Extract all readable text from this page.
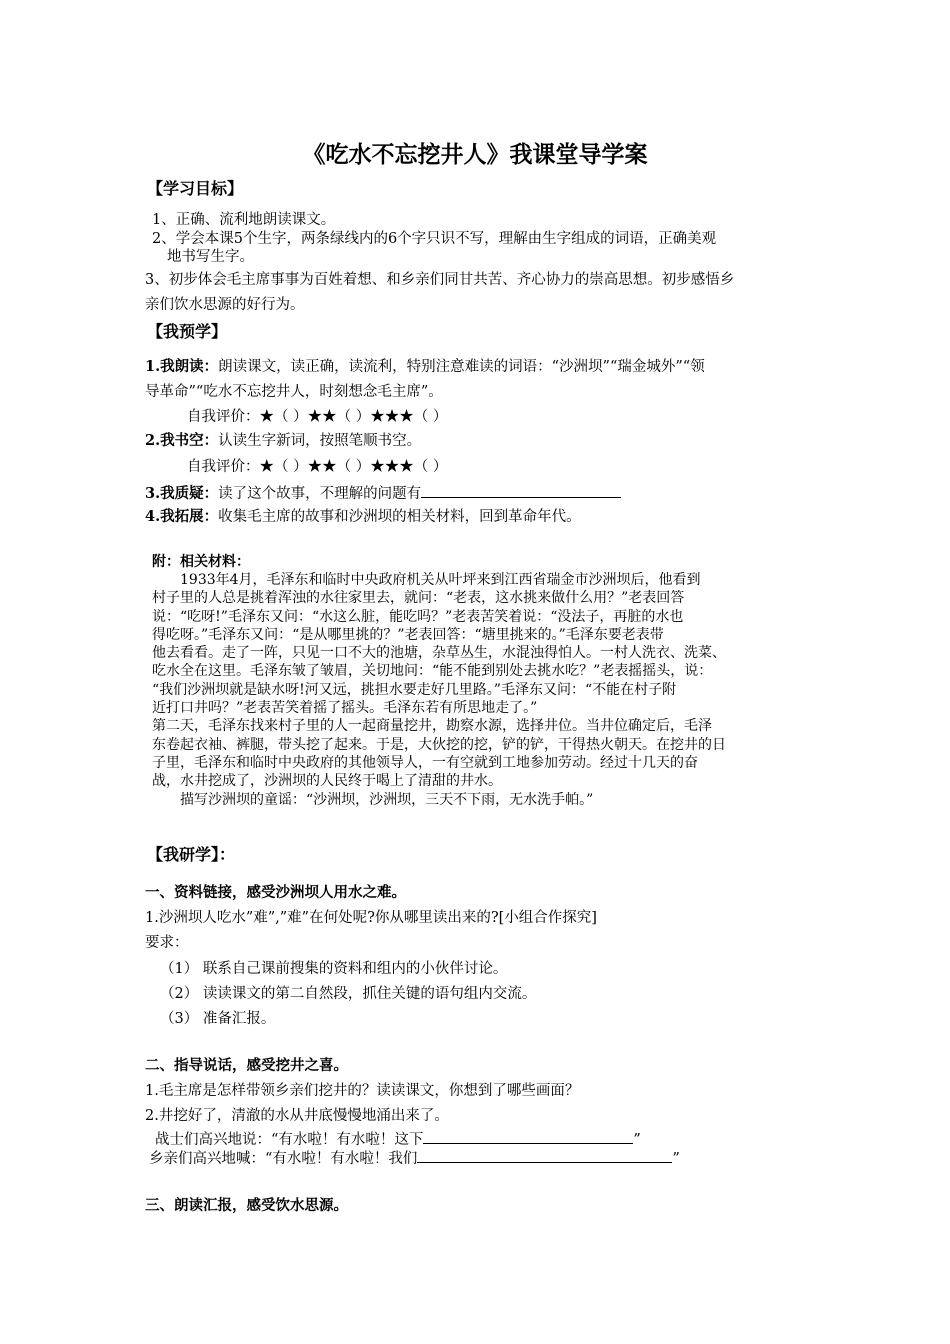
《吃水不忘挖井人》我课堂导学案
【学习目标】
1、正确、流利地朗读课文。
2、学会本课5个生字，两条绿线内的6个字只识不写，理解由生字组成的词语，正确美观
地书写生字。
3、初步体会毛主席事事为百姓着想、和乡亲们同甘共苦、齐心协力的崇高思想。初步感悟乡
亲们饮水思源的好行为。
【我预学】
1.我朗读：朗读课文，读正确，读流利，特别注意难读的词语：“沙洲坝”“瑞金城外”“领
导革命”“吃水不忘挖井人，时刻想念毛主席”。
自我评价：★（ ）★★（ ）★★★（ ）
2.我书空：认读生字新词，按照笔顺书空。
自我评价：★（ ）★★（ ）★★★（ ）
3.我质疑：读了这个故事，不理解的问题有
4.我拓展：收集毛主席的故事和沙洲坝的相关材料，回到革命年代。
附：相关材料：

　　1933年4月，毛泽东和临时中央政府机关从叶坪来到江西省瑞金市沙洲坝后，他看到

村子里的人总是挑着浑浊的水往家里去，就问：“老表，这水挑来做什么用？”老表回答

说：“吃呀!”毛泽东又问：“水这么脏，能吃吗？”老表苦笑着说：“没法子，再脏的水也

得吃呀。”毛泽东又问：“是从哪里挑的？”老表回答：“塘里挑来的。”毛泽东要老表带

他去看看。走了一阵，只见一口不大的池塘，杂草丛生，水混浊得怕人。一村人洗衣、洗菜、

吃水全在这里。毛泽东皱了皱眉，关切地问：“能不能到别处去挑水吃？”老表摇摇头，说：

“我们沙洲坝就是缺水呀!河又远，挑担水要走好几里路。”毛泽东又问：“不能在村子附

近打口井吗？”老表苦笑着摇了摇头。毛泽东若有所思地走了。”

第二天，毛泽东找来村子里的人一起商量挖井，勘察水源，选择井位。当井位确定后，毛泽

东卷起衣袖、裤腿，带头挖了起来。于是，大伙挖的挖，铲的铲，干得热火朝天。在挖井的日

子里，毛泽东和临时中央政府的其他领导人，一有空就到工地参加劳动。经过十几天的奋

战，水井挖成了，沙洲坝的人民终于喝上了清甜的井水。

　　描写沙洲坝的童谣：“沙洲坝，沙洲坝，三天不下雨，无水洗手帕。”

【我研学】：
一、资料链接，感受沙洲坝人用水之难。
1.沙洲坝人吃水”难”,”难”在何处呢?你从哪里读出来的?[小组合作探究]
要求：
（1） 联系自己课前搜集的资料和组内的小伙伴讨论。
（2） 读读课文的第二自然段，抓住关键的语句组内交流。
（3） 准备汇报。
二、指导说话，感受挖井之喜。
1.毛主席是怎样带领乡亲们挖井的？读读课文，你想到了哪些画面？
2.井挖好了，清澈的水从井底慢慢地涌出来了。
战士们高兴地说：“有水啦！有水啦！这下	”
乡亲们高兴地喊：“有水啦！有水啦！我们	”
三、朗读汇报，感受饮水思源。
